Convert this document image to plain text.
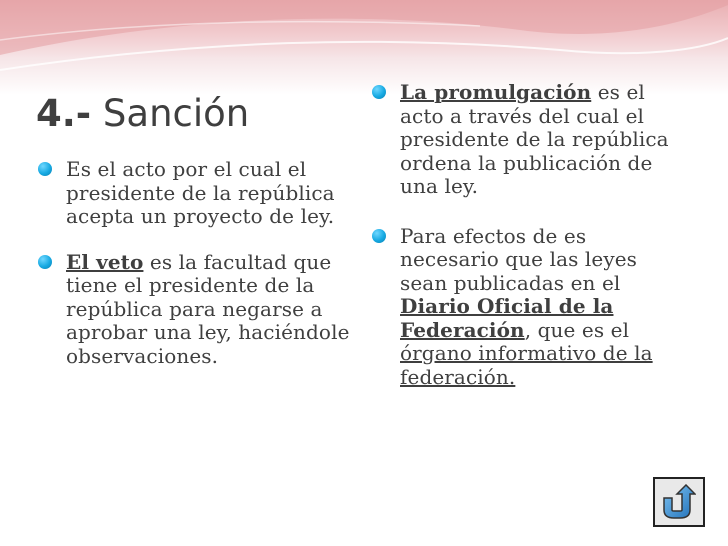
4.- Sanción
Es el acto por el cual el presidente de la república acepta un proyecto de ley.
El veto es la facultad que tiene el presidente de la república para negarse a aprobar una ley, haciéndole observaciones.
La promulgación es el acto a través del cual el presidente de la república ordena la publicación de una ley.
Para efectos de es necesario que las leyes sean publicadas en el Diario Oficial de la Federación, que es el órgano informativo de la federación.
